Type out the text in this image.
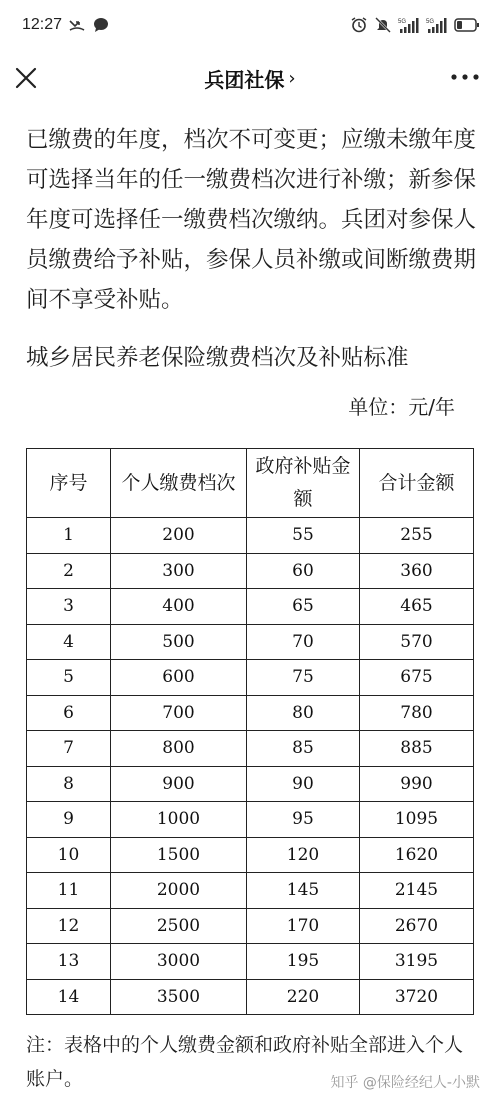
12:27	5G	5G
兵团社保 ›

已缴费的年度，档次不可变更；应缴未缴年度可选择当年的任一缴费档次进行补缴；新参保年度可选择任一缴费档次缴纳。兵团对参保人员缴费给予补贴，参保人员补缴或间断缴费期间不享受补贴。

城乡居民养老保险缴费档次及补贴标准

单位：元/年
序号	个人缴费档次	政府补贴金额	合计金额
1	200	55	255
2	300	60	360
3	400	65	465
4	500	70	570
5	600	75	675
6	700	80	780
7	800	85	885
8	900	90	990
9	1000	95	1095
10	1500	120	1620
11	2000	145	2145
12	2500	170	2670
13	3000	195	3195
14	3500	220	3720
注：表格中的个人缴费金额和政府补贴全部进入个人账户。	知乎 @保险经纪人-小默
